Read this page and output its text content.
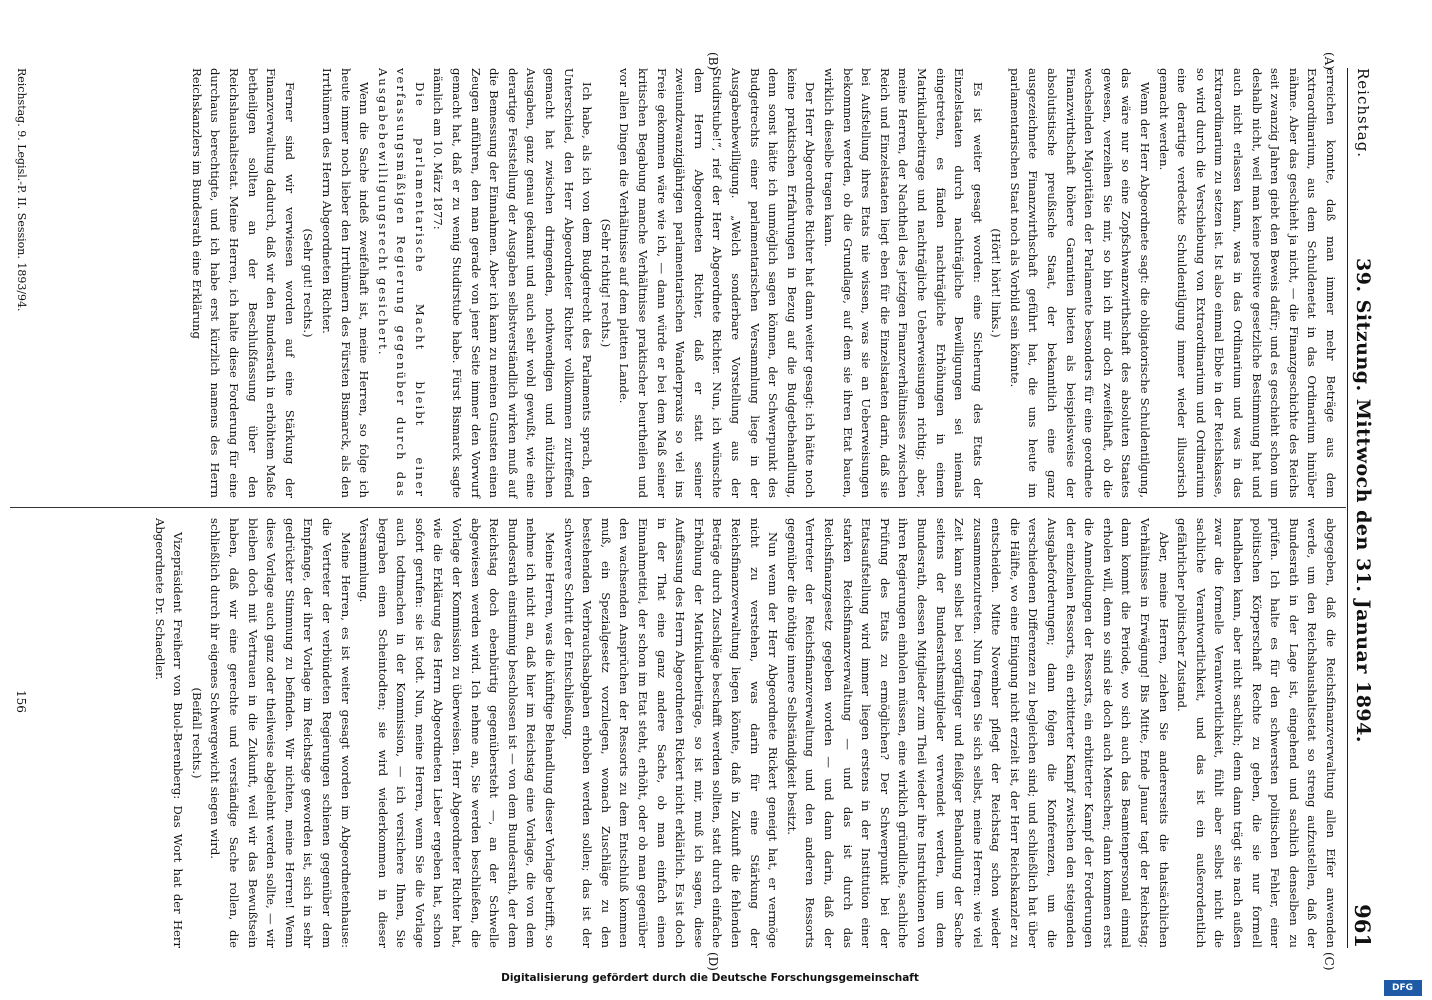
Reichstag.
39. Sitzung. Mittwoch den 31. Januar 1894.
961
(A)
(B)
(C)
(D)

erreichen konnte, daß man immer mehr Beträge aus dem Extraordinarium, aus dem Schuldenetat in das Ordinarium hinüber nähme. Aber das geschieht ja nicht, — die Finanzgeschichte des Reichs seit zwanzig Jahren giebt den Beweis dafür; und es geschieht schon um deshalb nicht, weil man keine positive gesetzliche Bestimmung hat und auch nicht erlassen kann, was in das Ordinarium und was in das Extraordinarium zu setzen ist. Ist also einmal Ebbe in der Reichskasse, so wird durch die Verschiebung von Extraordinarium und Ordinarium eine derartige verdeckte Schuldentilgung immer wieder illusorisch gemacht werden.

Wenn der Herr Abgeordnete sagt: die obligatorische Schuldentilgung, das wäre nur so eine Zopfschwanzwirthschaft des absoluten Staates gewesen, verzeihen Sie mir, so bin ich mir doch zweifelhaft, ob die wechselnden Majoritäten der Parlamente besonders für eine geordnete Finanzwirthschaft höhere Garantien bieten als beispielsweise der absolutistische preußische Staat, der bekanntlich eine ganz ausgezeichnete Finanzwirthschaft geführt hat, die uns heute im parlamentarischen Staat noch als Vorbild sein könnte.

(Hört! hört! links.)

Es ist weiter gesagt worden: eine Sicherung des Etats der Einzelstaaten durch nachträgliche Bewilligungen sei niemals eingetreten, es fänden nachträgliche Erhöhungen in einem Matrikularbeitrage und nachträgliche Ueberweisungen richtig; aber, meine Herren, der Nachtheil des jetzigen Finanzverhältnisses zwischen Reich und Einzelstaaten liegt eben für die Einzelstaaten darin, daß sie bei Aufstellung ihres Etats nie wissen, was sie an Ueberweisungen bekommen werden, ob die Grundlage, auf dem sie ihren Etat bauen, wirklich dieselbe tragen kann.

Der Herr Abgeordnete Richter hat dann weiter gesagt: ich hätte noch keine praktischen Erfahrungen in Bezug auf die Budgetbehandlung, denn sonst hätte ich unmöglich sagen können, der Schwerpunkt des Budgetrechts einer parlamentarischen Versammlung liege in der Ausgabenbewilligung. „Welch sonderbare Vorstellung aus der Studirstube!“, rief der Herr Abgeordnete Richter. Nun, ich wünschte dem Herrn Abgeordneten Richter, daß er statt seiner zweiundzwanzigjährigen parlamentarischen Wanderpraxis so viel ins Freie gekommen wäre wie ich, — dann würde er bei dem Maß seiner kritischen Begabung manche Verhältnisse praktischer beurtheilen und vor allen Dingen die Verhältnisse auf dem platten Lande.

(Sehr richtig! rechts.)

Ich habe, als ich von dem Budgetrecht des Parlaments sprach, den Unterschied, den Herr Abgeordneter Richter vollkommen zutreffend gemacht hat zwischen dringenden, nothwendigen und nützlichen Ausgaben, ganz genau gekannt und auch sehr wohl gewußt, wie eine derartige Feststellung der Ausgaben selbstverständlich wirken muß auf die Bemessung der Einnahmen. Aber ich kann zu meinen Gunsten einen Zeugen anführen, den man gerade von jener Seite immer den Vorwurf gemacht hat, daß er zu wenig Studirstube habe. Fürst Bismarck sagte nämlich am 10. März 1877:

Die parlamentarische Macht bleibt einer verfassungsmäßigen Regierung gegenüber durch das Ausgabebewilligungsrecht gesichert.

Wenn die Sache indeß zweifelhaft ist, meine Herren, so folge ich heute immer noch lieber den Irrthümern des Fürsten Bismarck, als den Irrthümern des Herrn Abgeordneten Richter.

(Sehr gut! rechts.)

Ferner sind wir verwiesen worden auf eine Stärkung der Finanzverwaltung dadurch, daß wir den Bundesrath in erhöhtem Maße betheiligen sollten an der Beschlußfassung über den Reichshaushaltsetat. Meine Herren, ich halte diese Forderung für eine durchaus berechtigte, und ich habe erst kürzlich namens des Herrn Reichskanzlers im Bundesrath eine Erklärung

abgegeben, daß die Reichsfinanzverwaltung allen Eifer anwenden werde, um den Reichshaushaltsetat so streng aufzustellen, daß der Bundesrath in der Lage ist, eingehend und sachlich denselben zu prüfen. Ich halte es für den schwersten politischen Fehler, einer politischen Körperschaft Rechte zu geben, die sie nur formell handhaben kann, aber nicht sachlich; denn dann trägt sie nach außen zwar die formelle Verantwortlichkeit, fühlt aber selbst nicht die sachliche Verantwortlichkeit, und das ist ein außerordentlich gefährlicher politischer Zustand.

Aber, meine Herren, ziehen Sie andererseits die thatsächlichen Verhältnisse in Erwägung! Bis Mitte, Ende Januar tagt der Reichstag; dann kommt die Periode, wo sich auch das Beamtenpersonal einmal erholen will, denn so sind sie doch auch Menschen; dann kommen erst die Anmeldungen der Ressorts, ein erbitterter Kampf der Forderungen der einzelnen Ressorts, ein erbitterter Kampf zwischen den steigenden Ausgabeforderungen; dann folgen die Konferenzen, um die verschiedenen Differenzen zu begleichen sind; und schließlich hat über die Hälfte, wo eine Einigung nicht erzielt ist, der Herr Reichskanzler zu entscheiden. Mitte November pflegt der Reichstag schon wieder zusammenzutreten. Nun fragen Sie sich selbst, meine Herren: wie viel Zeit kann selbst bei sorgfältiger und fleißiger Behandlung der Sache seitens der Bundesrathsmitglieder verwendet werden, um dem Bundesrath, dessen Mitglieder zum Theil wieder ihre Instruktionen von ihren Regierungen einholen müssen, eine wirklich gründliche, sachliche Prüfung des Etats zu ermöglichen? Der Schwerpunkt bei der Etatsaufstellung wird immer liegen erstens in der Institution einer starken Reichsfinanzverwaltung — und das ist durch das Reichsfinanzgesetz gegeben worden — und dann darin, daß der Vertreter der Reichsfinanzverwaltung und den anderen Ressorts gegenüber die nöthige innere Selbständigkeit besitzt.

Nun wenn der Herr Abgeordnete Rickert geneigt hat, er vermöge nicht zu verstehen, was darin für eine Stärkung der Reichsfinanzverwaltung liegen könnte, daß in Zukunft die fehlenden Beträge durch Zuschläge beschafft werden sollten, statt durch einfache Erhöhung der Matrikularbeiträge, so ist mir, muß ich sagen, diese Auffassung des Herrn Abgeordneten Rickert nicht erklärlich. Es ist doch in der That eine ganz andere Sache, ob man einfach einen Einnahmetitel, der schon im Etat steht, erhöht, oder ob man gegenüber den wachsenden Ansprüchen der Ressorts zu dem Entschluß kommen muß, ein Spezialgesetz vorzulegen, wonach Zuschläge zu den bestehenden Verbrauchsabgaben erhoben werden sollen; das ist der schwerere Schritt der Entschließung.

Meine Herren, was die künftige Behandlung dieser Vorlage betrifft, so nehme ich nicht an, daß hier im Reichstag eine Vorlage, die von dem Bundesrath einstimmig beschlossen ist — von dem Bundesrath, der dem Reichstag doch ebenbürtig gegenübersteht —, an der Schwelle abgewiesen werden wird. Ich nehme an, Sie werden beschließen, die Vorlage der Kommission zu überweisen. Herr Abgeordneter Richter hat, wie die Erklärung des Herrn Abgeordneten Lieber ergeben hat, schon sofort gerufen: sie ist todt. Nun, meine Herren, wenn Sie die Vorlage auch todtmachen in der Kommission, — ich versichere Ihnen, Sie begraben einen Scheintodten; sie wird wiederkommen in dieser Versammlung.

Meine Herren, es ist weiter gesagt worden im Abgeordnetenhause: die Vertreter der verbündeten Regierungen schienen gegenüber dem Empfange, der ihrer Vorlage im Reichstage geworden ist, sich in sehr gedrückter Stimmung zu befinden. Wir nichten, meine Herren! Wenn diese Vorlage auch ganz oder theilweise abgelehnt werden sollte, — wir bleiben doch mit Vertrauen in die Zukunft, weil wir das Bewußtsein haben, daß wir eine gerechte und verständige Sache rollen, die schließlich durch ihr eigenes Schwergewicht siegen wird.

(Beifall rechts.)

Vizepräsident Freiherr von Buol-Berenberg: Das Wort hat der Herr Abgeordnete Dr. Schaedler.

Reichstag. 9. Legisl.-P. II. Session. 1893/94.
156
Digitalisierung gefördert durch die Deutsche Forschungsgemeinschaft
DFG
